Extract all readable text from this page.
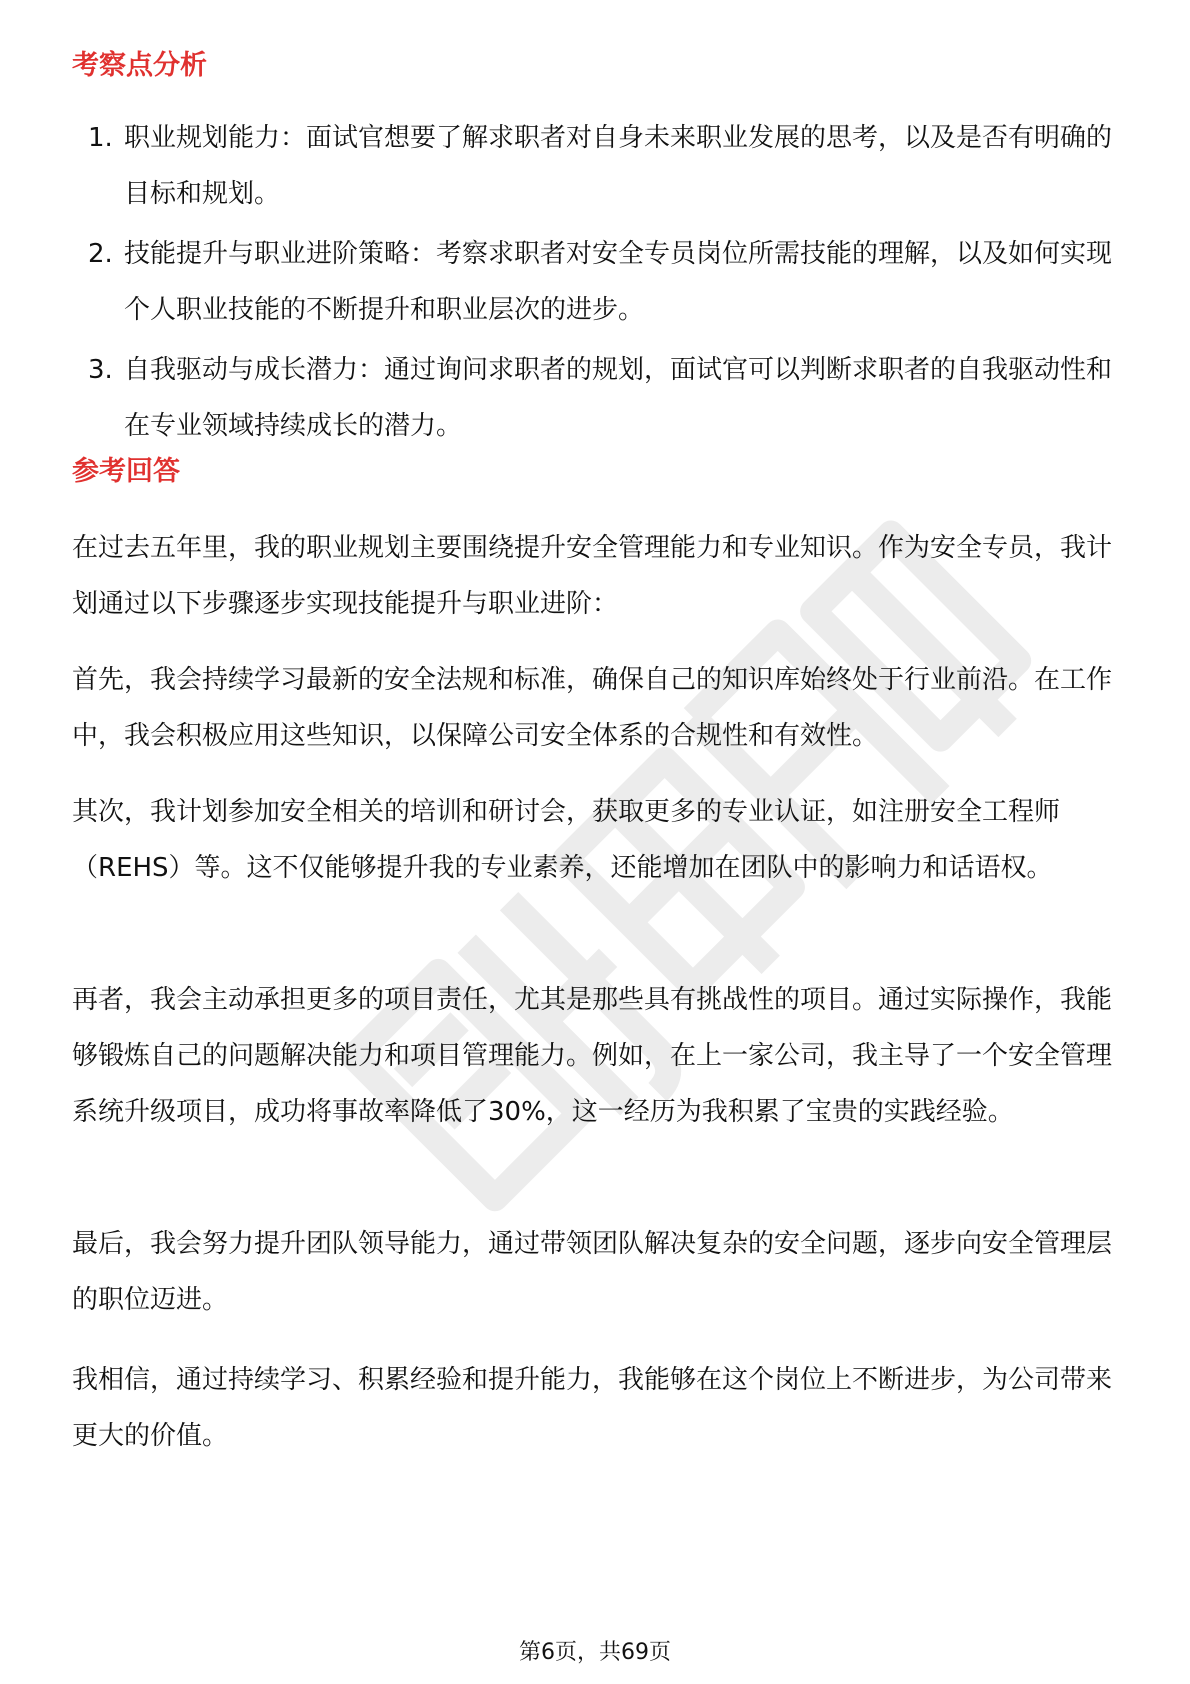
考察点分析
1. 职业规划能力：面试官想要了解求职者对自身未来职业发展的思考，以及是否有明确的目标和规划。
2. 技能提升与职业进阶策略：考察求职者对安全专员岗位所需技能的理解，以及如何实现个人职业技能的不断提升和职业层次的进步。
3. 自我驱动与成长潜力：通过询问求职者的规划，面试官可以判断求职者的自我驱动性和在专业领域持续成长的潜力。
参考回答

在过去五年里，我的职业规划主要围绕提升安全管理能力和专业知识。作为安全专员，我计划通过以下步骤逐步实现技能提升与职业进阶：

首先，我会持续学习最新的安全法规和标准，确保自己的知识库始终处于行业前沿。在工作中，我会积极应用这些知识，以保障公司安全体系的合规性和有效性。

其次，我计划参加安全相关的培训和研讨会，获取更多的专业认证，如注册安全工程师（REHS）等。这不仅能够提升我的专业素养，还能增加在团队中的影响力和话语权。

再者，我会主动承担更多的项目责任，尤其是那些具有挑战性的项目。通过实际操作，我能够锻炼自己的问题解决能力和项目管理能力。例如，在上一家公司，我主导了一个安全管理系统升级项目，成功将事故率降低了30%，这一经历为我积累了宝贵的实践经验。

最后，我会努力提升团队领导能力，通过带领团队解决复杂的安全问题，逐步向安全管理层的职位迈进。

我相信，通过持续学习、积累经验和提升能力，我能够在这个岗位上不断进步，为公司带来更大的价值。

第6页，共69页
